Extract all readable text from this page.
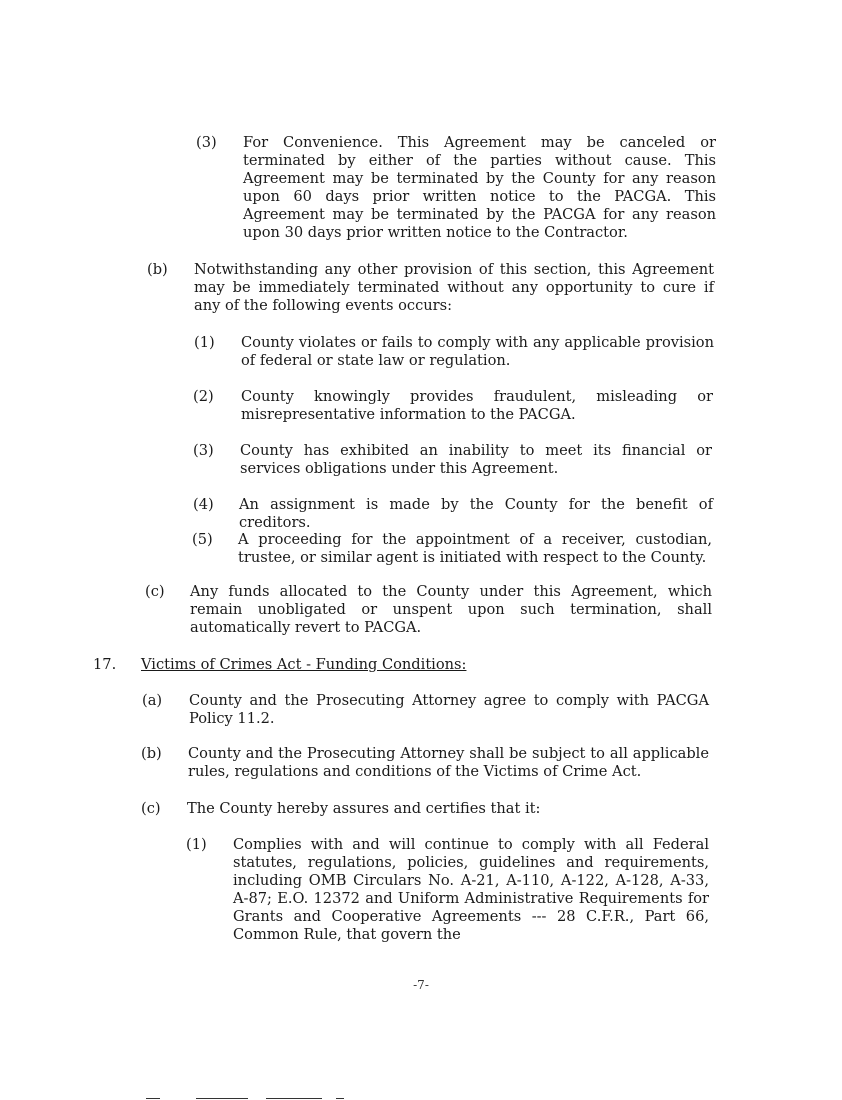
(3) For Convenience. This Agreement may be canceled or terminated by either of the parties without cause. This Agreement may be terminated by the County for any reason upon 60 days prior written notice to the PACGA. This Agreement may be terminated by the PACGA for any reason upon 30 days prior written notice to the Contractor.
(b) Notwithstanding any other provision of this section, this Agreement may be immediately terminated without any opportunity to cure if any of the following events occurs:
(1) County violates or fails to comply with any applicable provision of federal or state law or regulation.
(2) County knowingly provides fraudulent, misleading or misrepresentative information to the PACGA.
(3) County has exhibited an inability to meet its financial or services obligations under this Agreement.
(4) An assignment is made by the County for the benefit of creditors.
(5) A proceeding for the appointment of a receiver, custodian, trustee, or similar agent is initiated with respect to the County.
(c) Any funds allocated to the County under this Agreement, which remain unobligated or unspent upon such termination, shall automatically revert to PACGA.
17. Victims of Crimes Act - Funding Conditions:
(a) County and the Prosecuting Attorney agree to comply with PACGA Policy 11.2.
(b) County and the Prosecuting Attorney shall be subject to all applicable rules, regulations and conditions of the Victims of Crime Act.
(c) The County hereby assures and certifies that it:
(1) Complies with and will continue to comply with all Federal statutes, regulations, policies, guidelines and requirements, including OMB Circulars No. A-21, A-110, A-122, A-128, A-33, A-87; E.O. 12372 and Uniform Administrative Requirements for Grants and Cooperative Agreements --- 28 C.F.R., Part 66, Common Rule, that govern the
-7-
